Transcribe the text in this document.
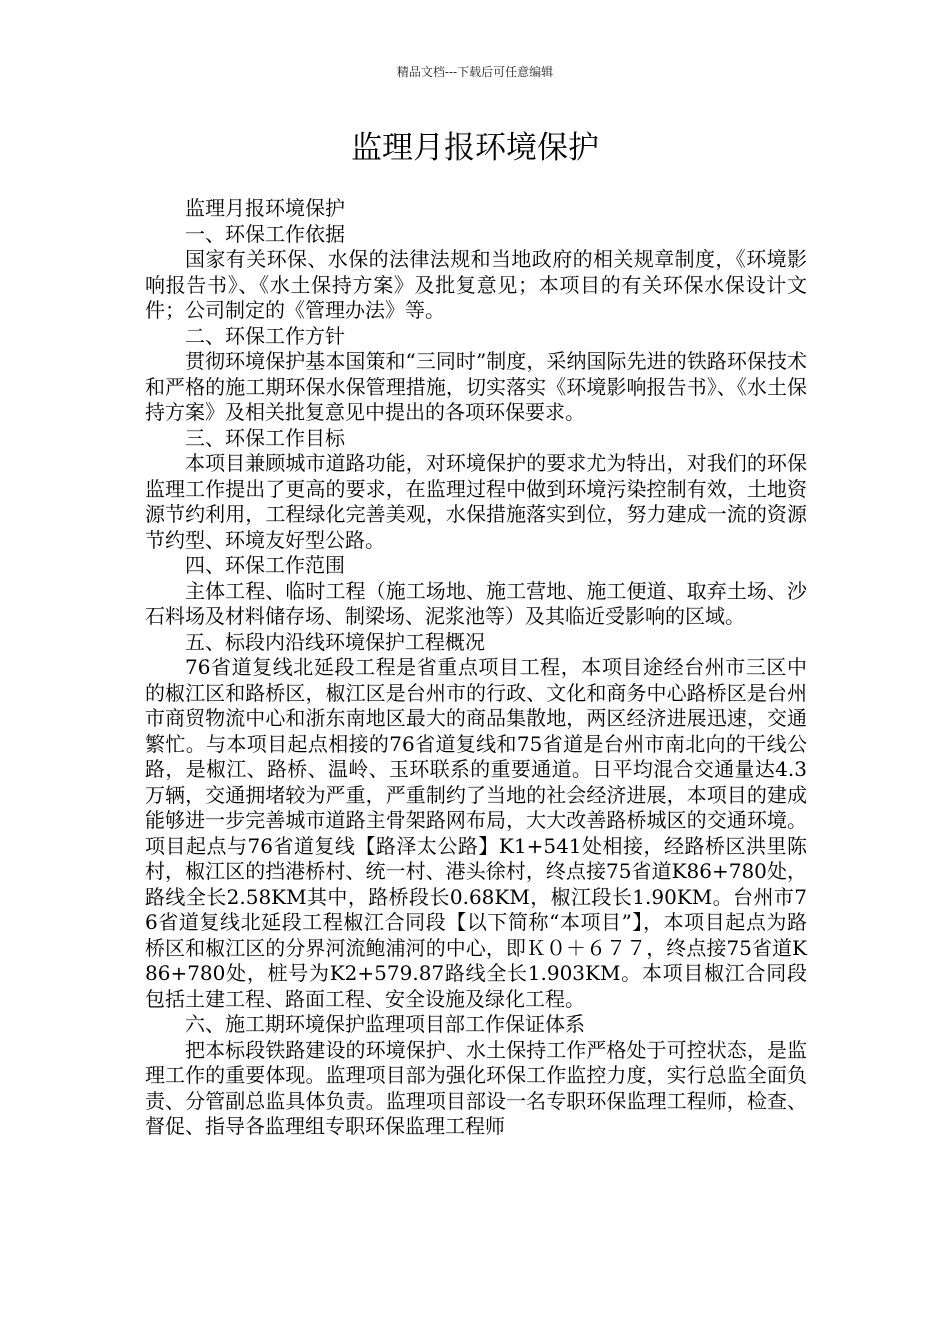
精品文档---下载后可任意编辑
监理月报环境保护

监理月报环境保护

一、环保工作依据

国家有关环保、水保的法律法规和当地政府的相关规章制度，《环境影响报告书》、《水土保持方案》及批复意见；本项目的有关环保水保设计文件；公司制定的《管理办法》等。

二、环保工作方针

贯彻环境保护基本国策和“三同时”制度，采纳国际先进的铁路环保技术和严格的施工期环保水保管理措施，切实落实《环境影响报告书》、《水土保持方案》及相关批复意见中提出的各项环保要求。

三、环保工作目标

本项目兼顾城市道路功能，对环境保护的要求尤为特出，对我们的环保监理工作提出了更高的要求，在监理过程中做到环境污染控制有效，土地资源节约利用，工程绿化完善美观，水保措施落实到位，努力建成一流的资源节约型、环境友好型公路。

四、环保工作范围

主体工程、临时工程（施工场地、施工营地、施工便道、取弃土场、沙石料场及材料储存场、制梁场、泥浆池等）及其临近受影响的区域。

五、标段内沿线环境保护工程概况

76省道复线北延段工程是省重点项目工程，本项目途经台州市三区中的椒江区和路桥区，椒江区是台州市的行政、文化和商务中心路桥区是台州市商贸物流中心和浙东南地区最大的商品集散地，两区经济进展迅速，交通繁忙。与本项目起点相接的76省道复线和75省道是台州市南北向的干线公路，是椒江、路桥、温岭、玉环联系的重要通道。日平均混合交通量达4.3万辆，交通拥堵较为严重，严重制约了当地的社会经济进展，本项目的建成能够进一步完善城市道路主骨架路网布局，大大改善路桥城区的交通环境。项目起点与76省道复线【路泽太公路】K1+541处相接，经路桥区洪里陈村，椒江区的挡港桥村、统一村、港头徐村，终点接75省道K86+780处，路线全长2.58KM其中，路桥段长0.68KM，椒江段长1.90KM。台州市76省道复线北延段工程椒江合同段【以下简称“本项目”】，本项目起点为路桥区和椒江区的分界河流鲍浦河的中心，即Ｋ０＋６７７，终点接75省道K86+780处，桩号为K2+579.87路线全长1.903KM。本项目椒江合同段包括土建工程、路面工程、安全设施及绿化工程。

六、施工期环境保护监理项目部工作保证体系

把本标段铁路建设的环境保护、水土保持工作严格处于可控状态，是监理工作的重要体现。监理项目部为强化环保工作监控力度，实行总监全面负责、分管副总监具体负责。监理项目部设一名专职环保监理工程师，检查、督促、指导各监理组专职环保监理工程师
